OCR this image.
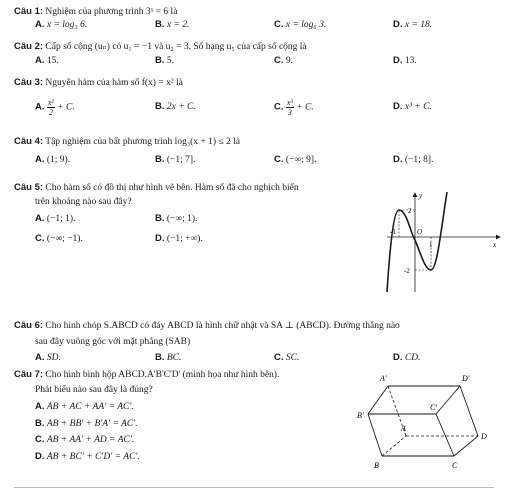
Câu 1: Nghiệm của phương trình 3ˣ = 6 là
A. x = log₃ 6.	B. x = 2.	C. x = log₆ 3.	D. x = 18.
Câu 2: Cấp số cộng (uₙ) có u₁ = −1 và u₂ = 3. Số hạng u₅ của cấp số cộng là
A. 15.	B. 5.	C. 9.	D. 13.
Câu 3: Nguyên hàm của hàm số f(x) = x² là
A. $\frac{\text{x²}}{2} + C$.	B. 2x + C.	C. $\frac{\text{x³}}{3} + C$.	D. x³ + C.
Câu 4: Tập nghiệm của bất phương trình log₃(x + 1) ≤ 2 là
A. (1; 9).	B. (−1; 7].	C. (−∞; 9].	D. (−1; 8].
Câu 5: Cho hàm số có đồ thị như hình vẽ bên. Hàm số đã cho nghịch biến
trên khoảng nào sau đây?
A. (−1; 1).	B. (−∞; 1).
C. (−∞; −1).	D. (−1; +∞).
y
x
O
2
-1
1
-2
Câu 6: Cho hình chóp S.ABCD có đáy ABCD là hình chữ nhật và SA ⊥ (ABCD). Đường thẳng nào
sau đây vuông góc với mặt phẳng (SAB)
A. SD.	B. BC.	C. SC.	D. CD.
Câu 7: Cho hình bình hộp ABCD.A'B'C'D' (minh họa như hình bên).
Phát biểu nào sau đây là đúng?
A. AB + AC + AA' = AC'.
B. AB + BB' + B'A' = AC'.
C. AB + AA' + AD = AC'.
D. AB + BC' + C'D' = AC'.
A'	D'
C'
B'
A
D
B	C
